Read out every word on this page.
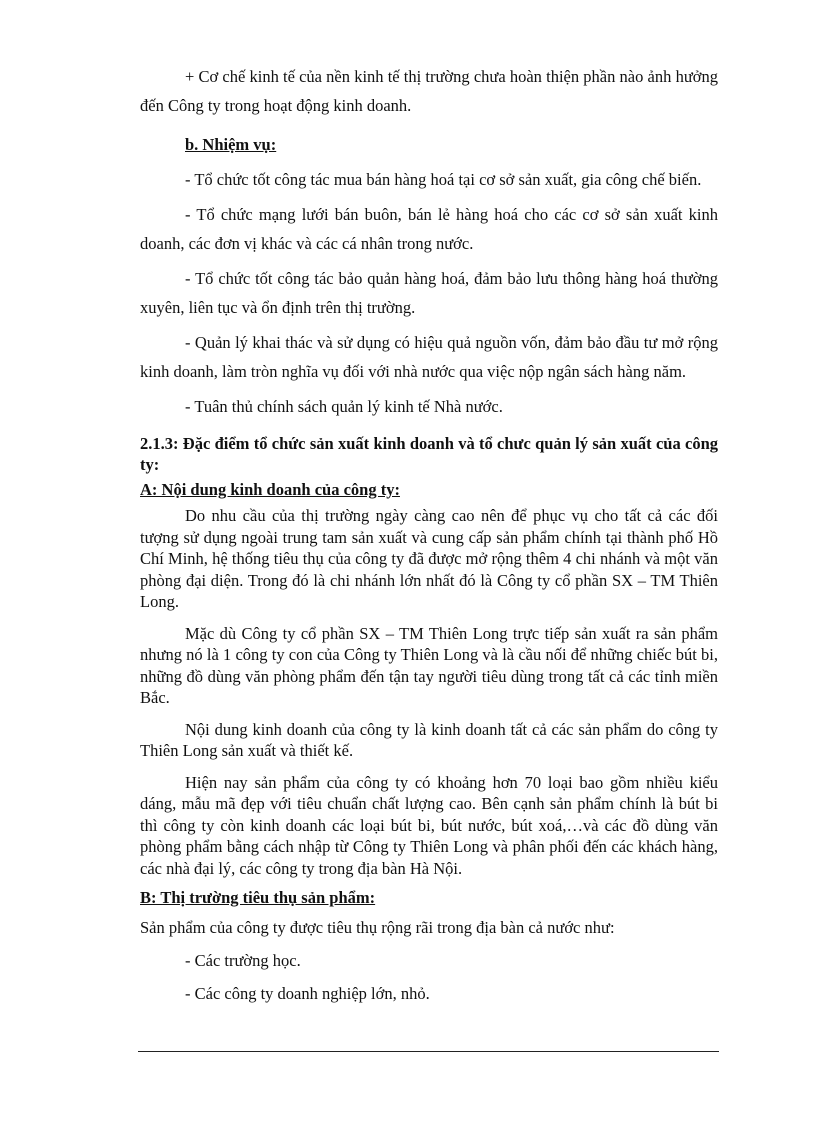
+ Cơ chế kinh tế của nền kinh tế thị trường chưa hoàn thiện phần nào ảnh hưởng đến Công ty trong hoạt động kinh doanh.

b. Nhiệm vụ:

- Tổ chức tốt công tác mua bán hàng hoá tại cơ sở sản xuất, gia công chế biến.

- Tổ chức mạng lưới bán buôn, bán lẻ hàng hoá cho các cơ sở sản xuất kinh doanh, các đơn vị khác và các cá nhân trong nước.

- Tổ chức tốt công tác bảo quản hàng hoá, đảm bảo lưu thông hàng hoá thường xuyên, liên tục và ổn định trên thị trường.

- Quản lý khai thác và sử dụng có hiệu quả nguồn vốn, đảm bảo đầu tư mở rộng kinh doanh, làm tròn nghĩa vụ đối với nhà nước qua việc nộp ngân sách hàng năm.

- Tuân thủ chính sách quản lý kinh tế Nhà nước.

2.1.3: Đặc điểm tổ chức sản xuất kinh doanh và tổ chưc quản lý sản xuất của công ty:

A: Nội dung kinh doanh của công ty:

Do nhu cầu của thị trường ngày càng cao nên để phục vụ cho tất cả các đối tượng sử dụng ngoài trung tam sản xuất và cung cấp sản phẩm chính tại thành phố Hồ Chí Minh, hệ thống tiêu thụ của công ty đã được mở rộng thêm 4 chi nhánh và một văn phòng đại diện. Trong đó là chi nhánh lớn nhất đó là Công ty cổ phần SX – TM Thiên Long.

Mặc dù Công ty cổ phần SX – TM Thiên Long trực tiếp sản xuất ra sản phẩm nhưng nó là 1 công ty con của Công ty Thiên Long và là cầu nối để những chiếc bút bi, những đồ dùng văn phòng phẩm đến tận tay người tiêu dùng trong tất cả các tỉnh miền Bắc.

Nội dung kinh doanh của công ty là kinh doanh tất cả các sản phẩm do công ty Thiên Long sản xuất và thiết kế.

Hiện nay sản phẩm của công ty có khoảng hơn 70 loại bao gồm nhiều kiểu dáng, mẫu mã đẹp với tiêu chuẩn chất lượng cao. Bên cạnh sản phẩm chính là bút bi thì công ty còn kinh doanh các loại bút bi, bút nước, bút xoá,…và các đồ dùng văn phòng phẩm bằng cách nhập từ Công ty Thiên Long và phân phối đến các khách hàng, các nhà đại lý, các công ty trong địa bàn Hà Nội.

B: Thị trường tiêu thụ sản phẩm:

Sản phẩm của công ty được tiêu thụ rộng rãi trong địa bàn cả nước như:

- Các trường học.

- Các công ty doanh nghiệp lớn, nhỏ.
